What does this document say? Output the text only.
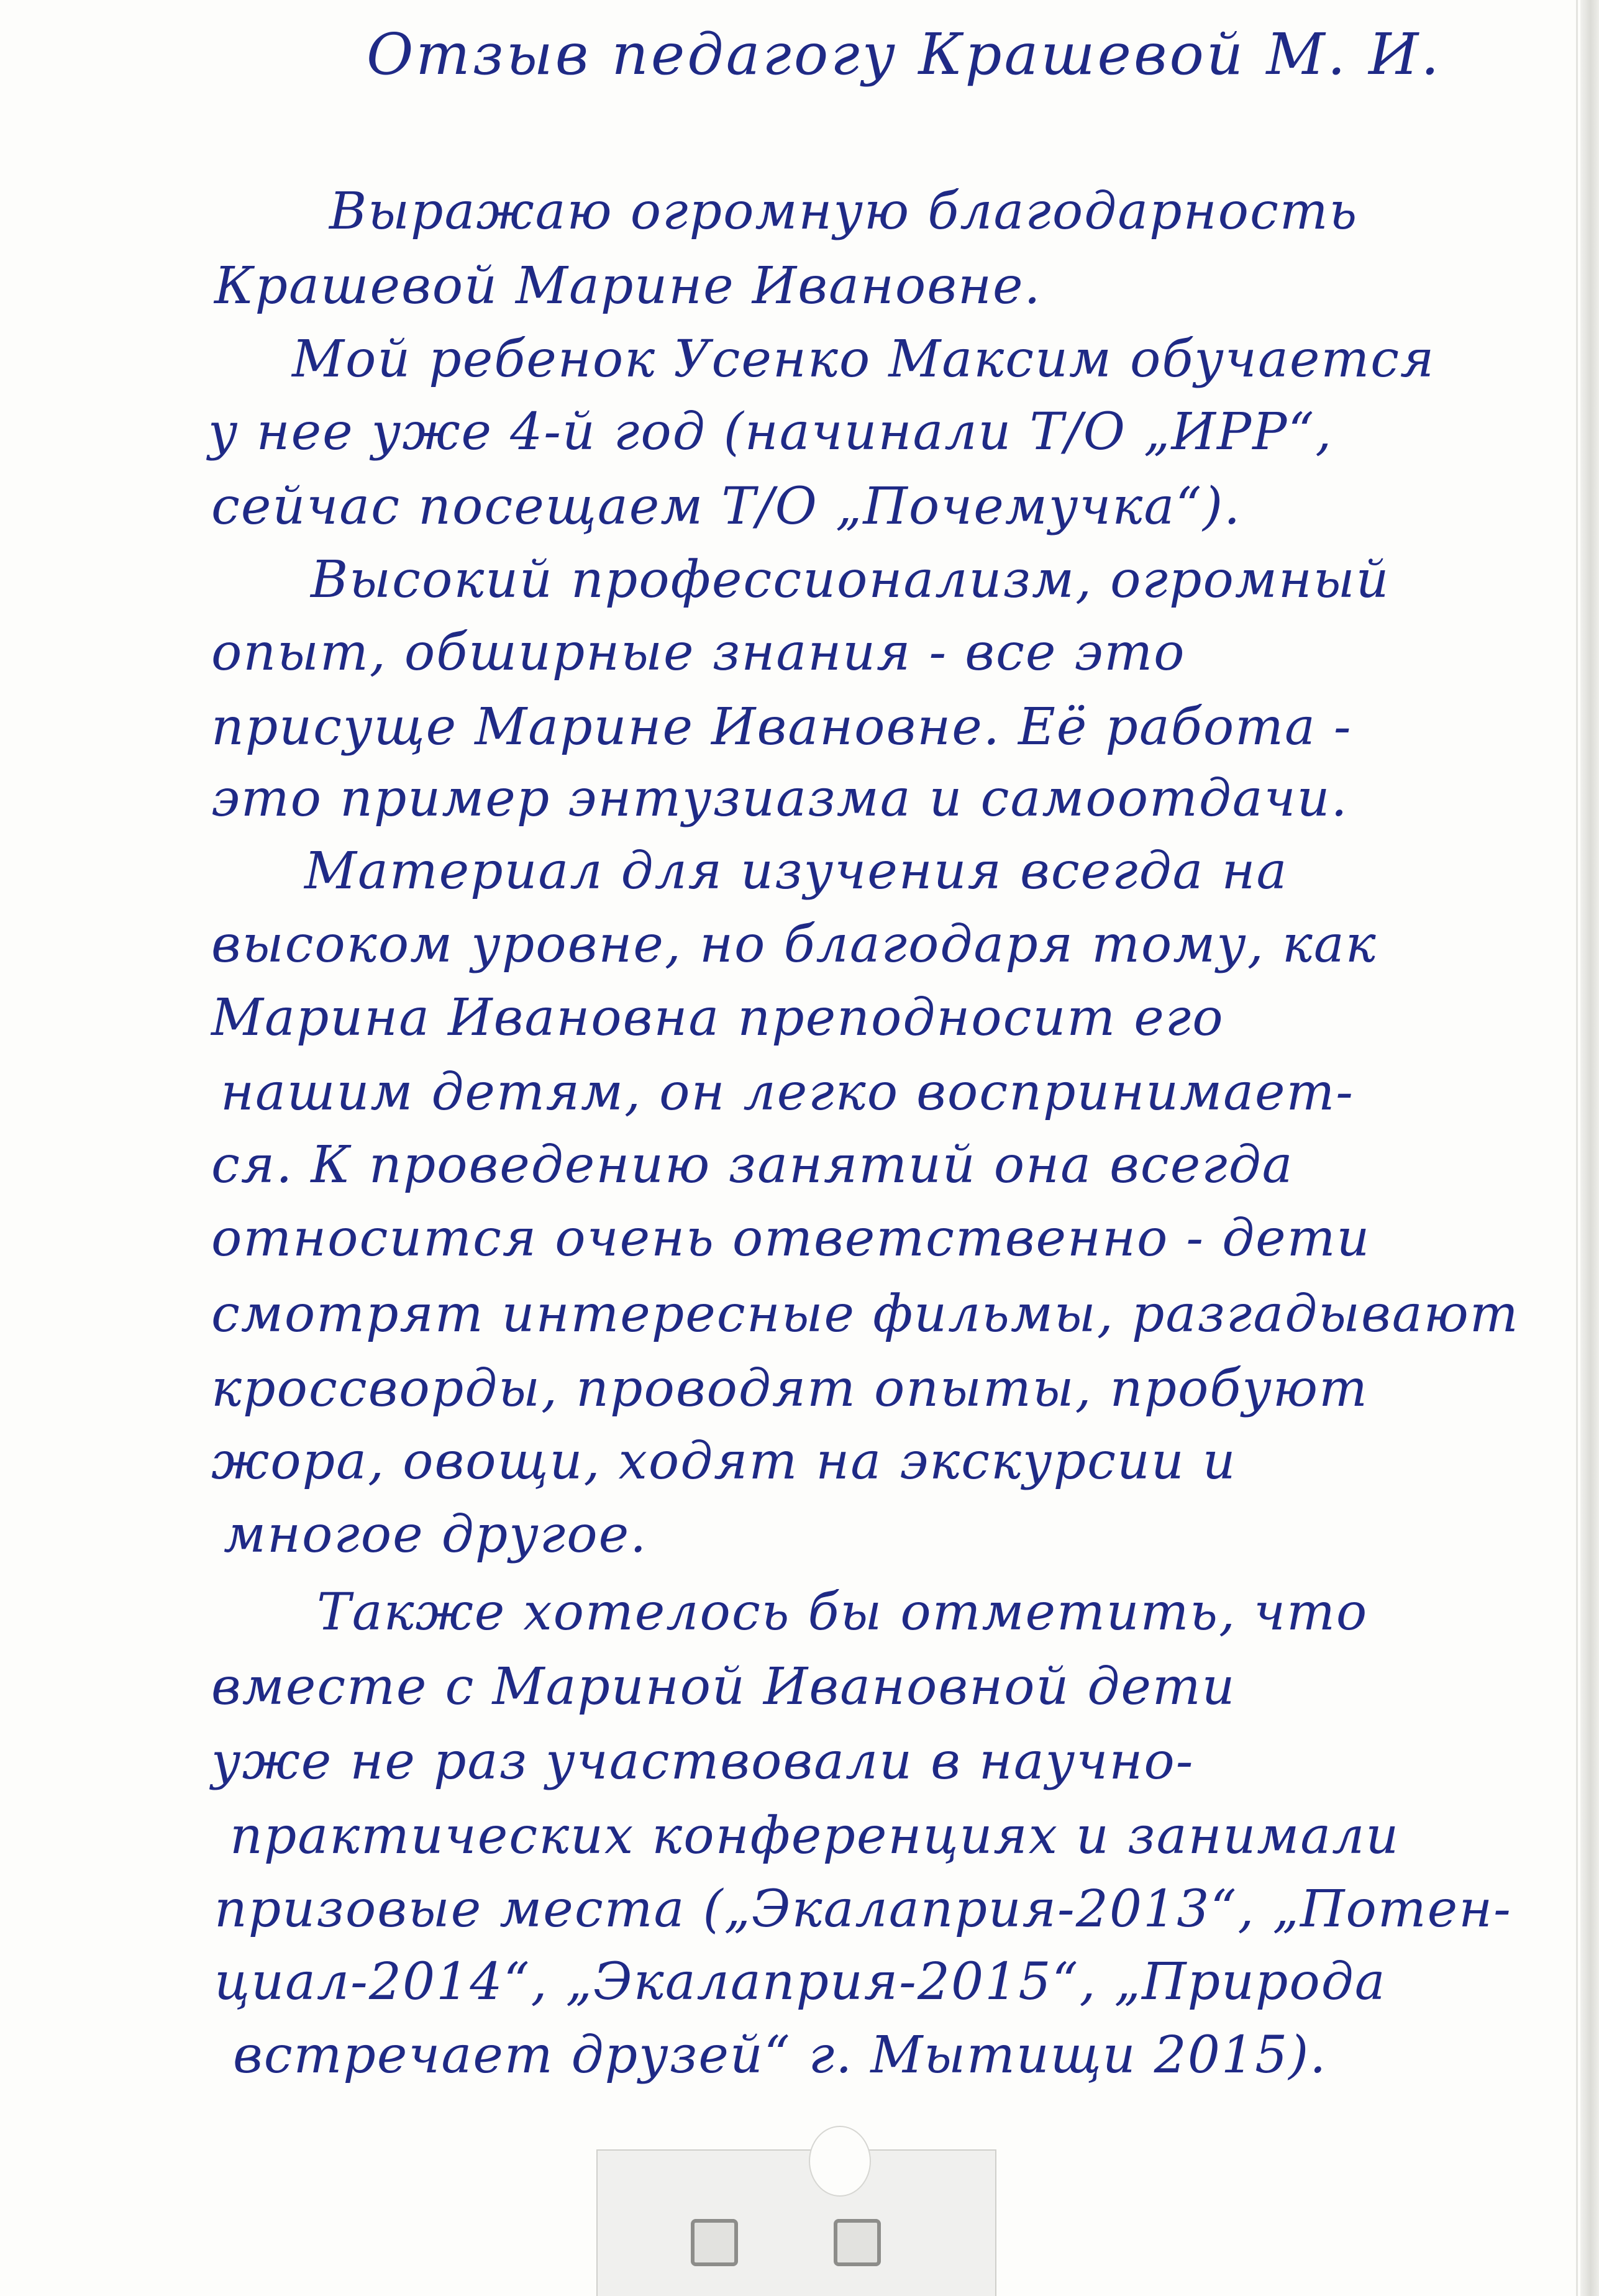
Отзыв педагогу Крашевой М. И.
Выражаю огромную благодарность
Крашевой Марине Ивановне.
Мой ребенок Усенко Максим обучается
у нее уже 4-й год (начинали Т/О „ИРР“,
сейчас посещаем Т/О „Почемучка“).
Высокий профессионализм, огромный
опыт, обширные знания - все это
присуще Марине Ивановне. Её работа -
это пример энтузиазма и самоотдачи.
Материал для изучения всегда на
высоком уровне, но благодаря тому, как
Марина Ивановна преподносит его
нашим детям, он легко воспринимает-
ся. К проведению занятий она всегда
относится очень ответственно - дети
смотрят интересные фильмы, разгадывают
кроссворды, проводят опыты, пробуют
жора, овощи, ходят на экскурсии и
многое другое.
Также хотелось бы отметить, что
вместе с Мариной Ивановной дети
уже не раз участвовали в научно-
практических конференциях и занимали
призовые места („Экалаприя-2013“, „Потен-
циал-2014“, „Экалаприя-2015“, „Природа
встречает друзей“ г. Мытищи 2015).
